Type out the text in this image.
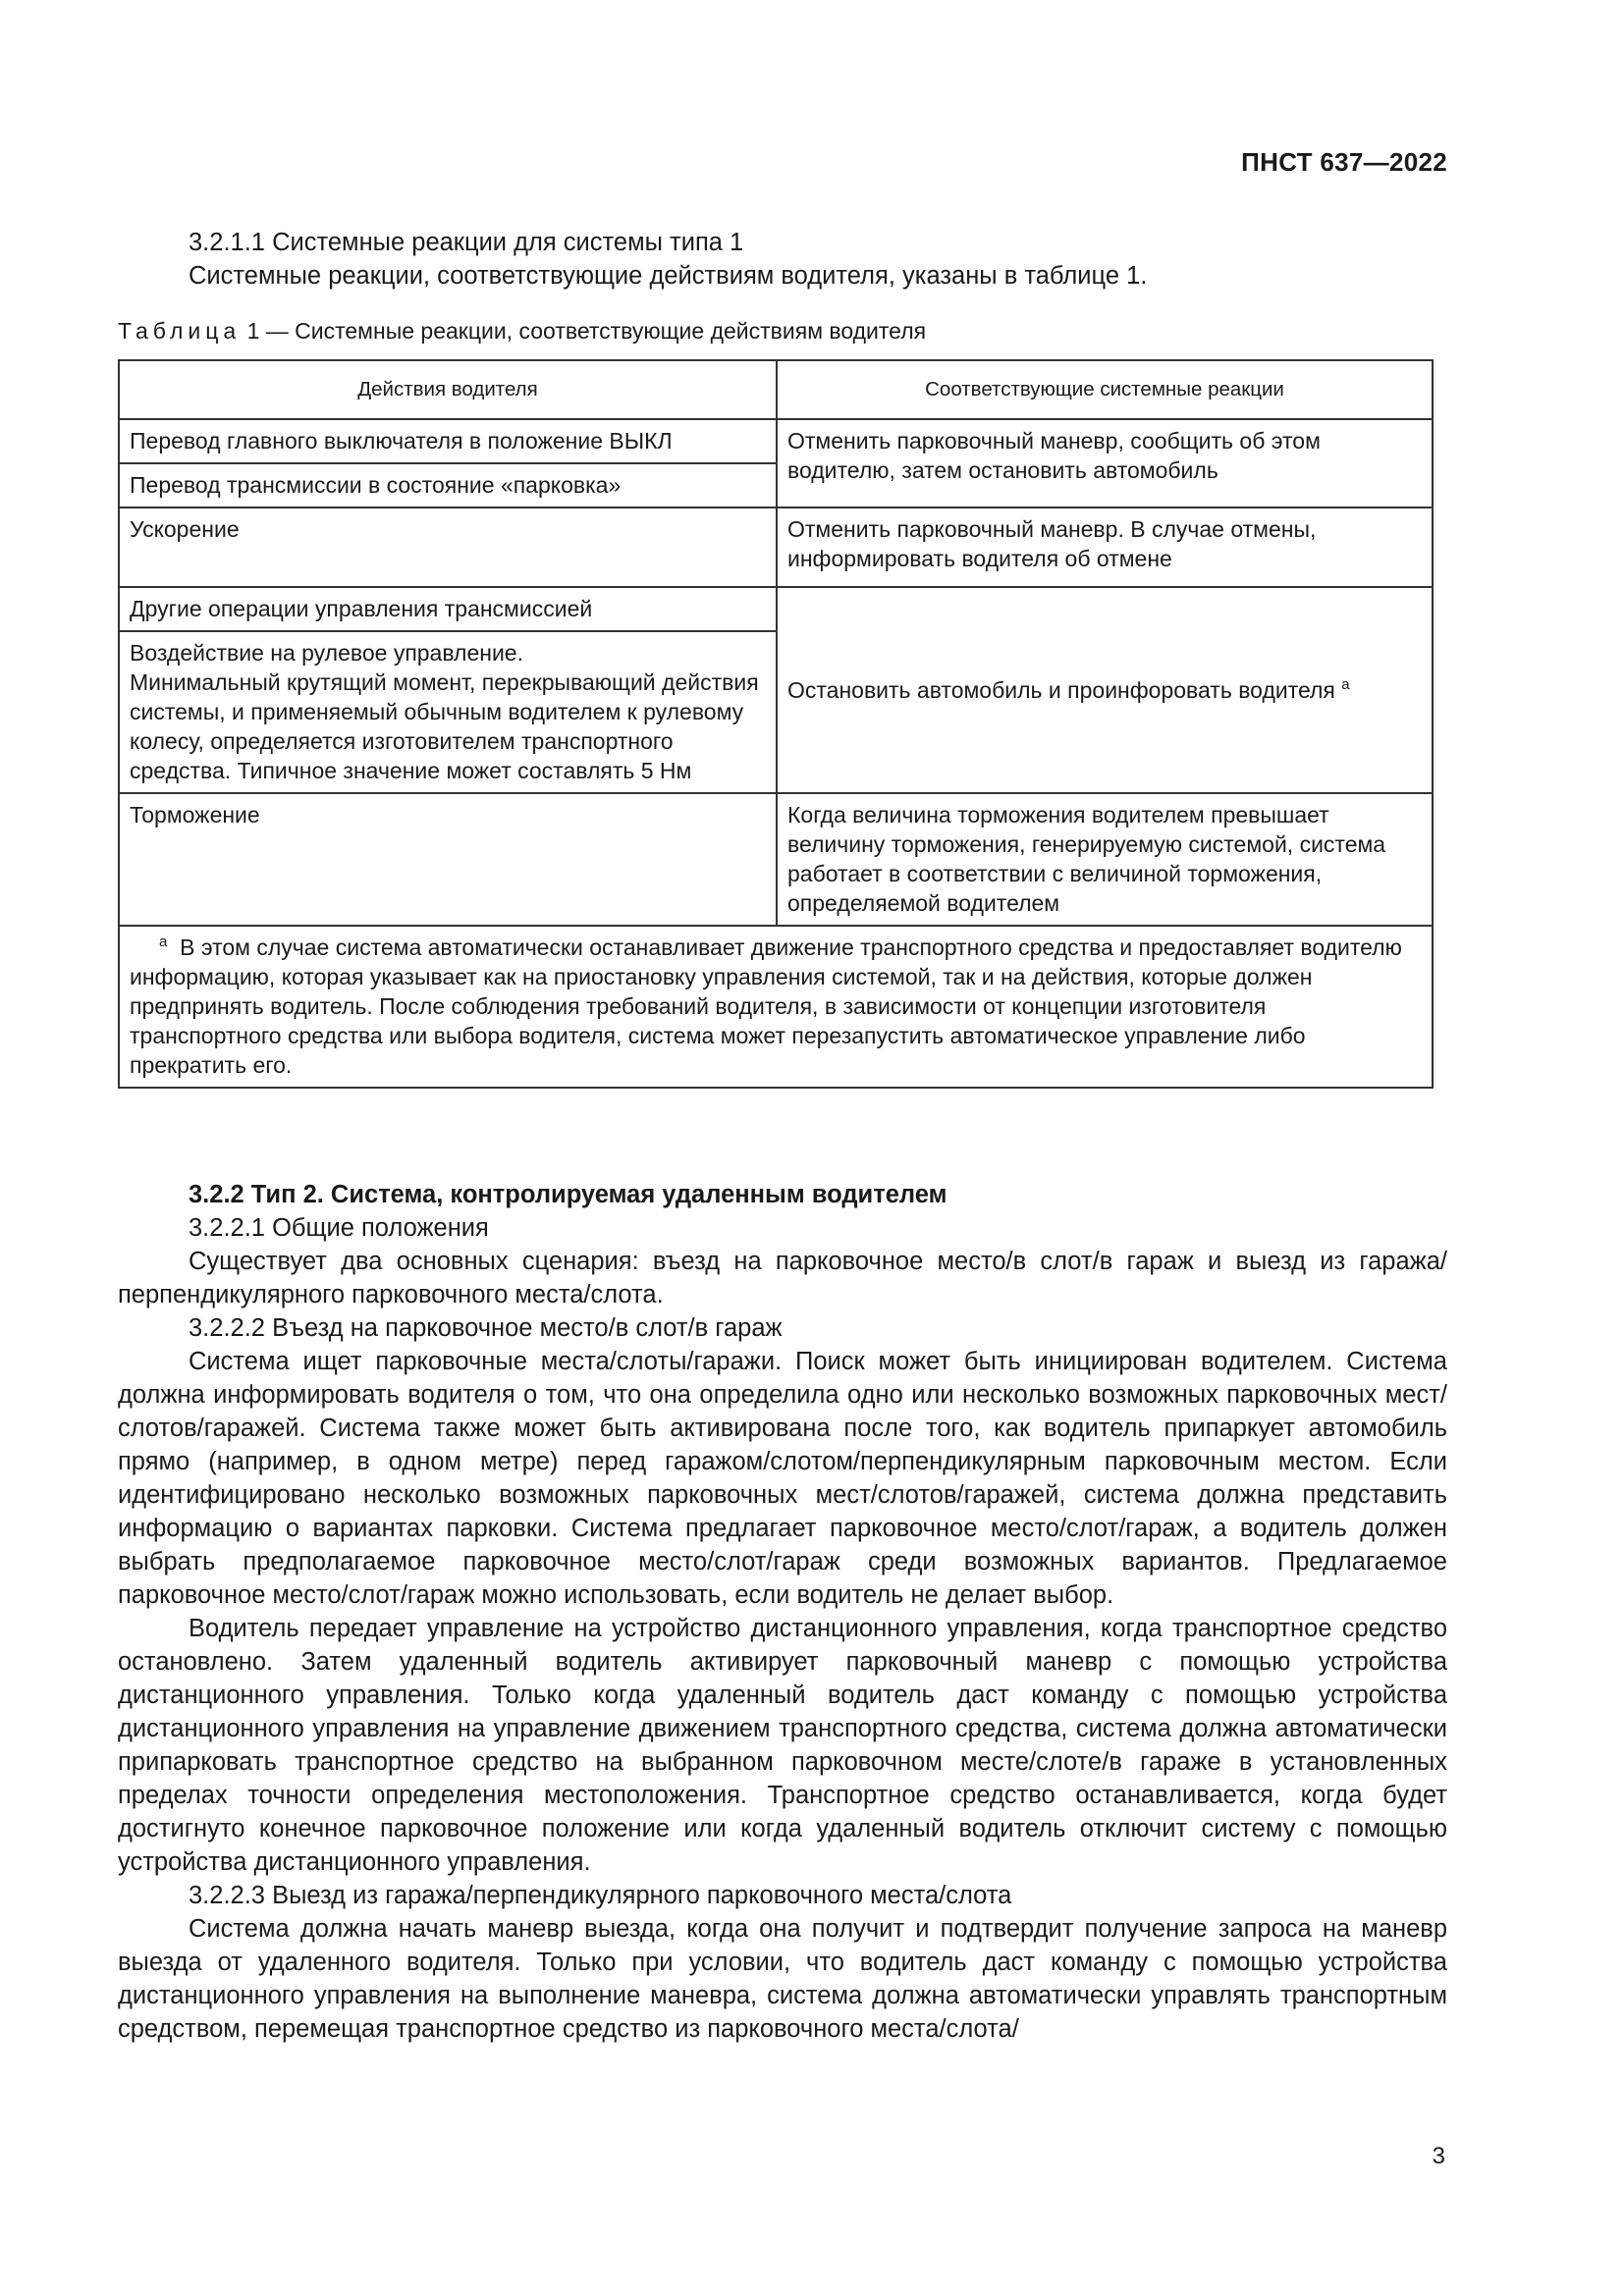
ПНСТ 637—2022
3.2.1.1 Системные реакции для системы типа 1
Системные реакции, соответствующие действиям водителя, указаны в таблице 1.
Таблица 1 — Системные реакции, соответствующие действиям водителя
Действия водителя	Соответствующие системные реакции
Перевод главного выключателя в положение ВЫКЛ	Отменить парковочный маневр, сообщить об этом водителю, затем остановить автомобиль
Перевод трансмиссии в состояние «парковка»	
Ускорение	Отменить парковочный маневр. В случае отмены, информировать водителя об отмене
Другие операции управления трансмиссией	Остановить автомобиль и проинфоровать водителя $^a$

Воздействие на рулевое управление.
Минимальный крутящий момент, перекрывающий действия системы, и применяемый обычным водителем к рулевому колесу, определяется изготовителем транспортного средства. Типичное значение может составлять 5 Нм	

Торможение	Когда величина торможения водителем превышает величину торможения, генерируемую системой, система работает в соответствии с величиной торможения, определяемой водителем
$^a$ В этом случае система автоматически останавливает движение транспортного средства и предоставляет водителю информацию, которая указывает как на приостановку управления системой, так и на действия, которые должен предпринять водитель. После соблюдения требований водителя, в зависимости от концепции изготовителя транспортного средства или выбора водителя, система может перезапустить автоматическое управление либо прекратить его.	

3.2.2 Тип 2. Система, контролируемая удаленным водителем

3.2.2.1 Общие положения

Существует два основных сценария: въезд на парковочное место/в слот/в гараж и выезд из гаража/перпендикулярного парковочного места/слота.

3.2.2.2 Въезд на парковочное место/в слот/в гараж

Система ищет парковочные места/слоты/гаражи. Поиск может быть инициирован водителем. Система должна информировать водителя о том, что она определила одно или несколько возможных парковочных мест/слотов/гаражей. Система также может быть активирована после того, как водитель припаркует автомобиль прямо (например, в одном метре) перед гаражом/слотом/перпендикулярным парковочным местом. Если идентифицировано несколько возможных парковочных мест/слотов/гаражей, система должна представить информацию о вариантах парковки. Система предлагает парковочное место/слот/гараж, а водитель должен выбрать предполагаемое парковочное место/слот/гараж среди возможных вариантов. Предлагаемое парковочное место/слот/гараж можно использовать, если водитель не делает выбор.

Водитель передает управление на устройство дистанционного управления, когда транспортное средство остановлено. Затем удаленный водитель активирует парковочный маневр с помощью устройства дистанционного управления. Только когда удаленный водитель даст команду с помощью устройства дистанционного управления на управление движением транспортного средства, система должна автоматически припарковать транспортное средство на выбранном парковочном месте/слоте/в гараже в установленных пределах точности определения местоположения. Транспортное средство останавливается, когда будет достигнуто конечное парковочное положение или когда удаленный водитель отключит систему с помощью устройства дистанционного управления.

3.2.2.3 Выезд из гаража/перпендикулярного парковочного места/слота

Система должна начать маневр выезда, когда она получит и подтвердит получение запроса на маневр выезда от удаленного водителя. Только при условии, что водитель даст команду с помощью устройства дистанционного управления на выполнение маневра, система должна автоматически управлять транспортным средством, перемещая транспортное средство из парковочного места/слота/

3
